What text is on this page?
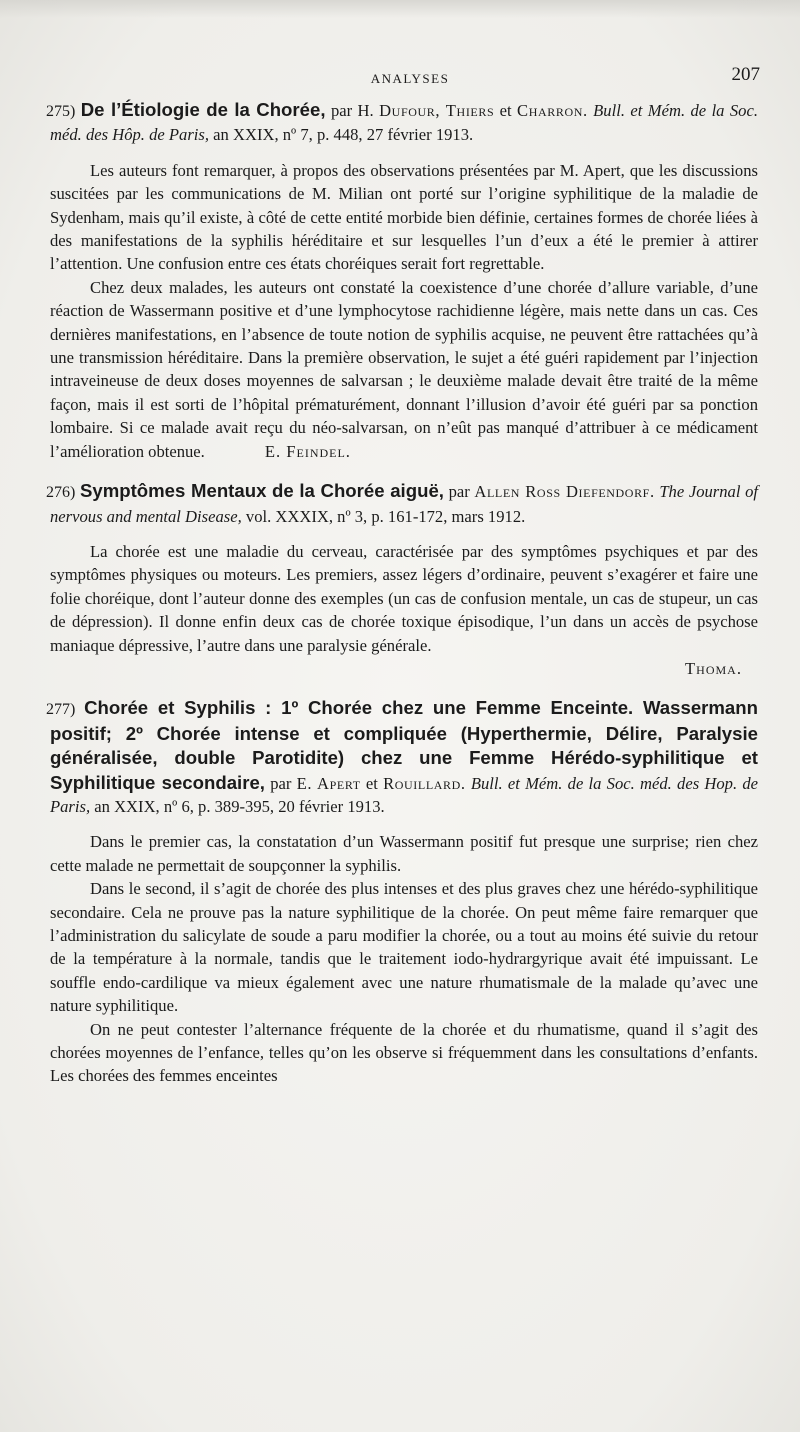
ANALYSES	207

275) De l’Étiologie de la Chorée, par H. Dufour, Thiers et Charron. Bull. et Mém. de la Soc. méd. des Hôp. de Paris, an XXIX, nº 7, p. 448, 27 février 1913.

Les auteurs font remarquer, à propos des observations présentées par M. Apert, que les discussions suscitées par les communications de M. Milian ont porté sur l’origine syphilitique de la maladie de Sydenham, mais qu’il existe, à côté de cette entité morbide bien définie, certaines formes de chorée liées à des manifestations de la syphilis héréditaire et sur lesquelles l’un d’eux a été le premier à attirer l’attention. Une confusion entre ces états choréiques serait fort regrettable.

Chez deux malades, les auteurs ont constaté la coexistence d’une chorée d’allure variable, d’une réaction de Wassermann positive et d’une lymphocytose rachidienne légère, mais nette dans un cas. Ces dernières manifestations, en l’absence de toute notion de syphilis acquise, ne peuvent être rattachées qu’à une transmission héréditaire. Dans la première observation, le sujet a été guéri rapidement par l’injection intraveineuse de deux doses moyennes de salvarsan ; le deuxième malade devait être traité de la même façon, mais il est sorti de l’hôpital prématurément, donnant l’illusion d’avoir été guéri par sa ponction lombaire. Si ce malade avait reçu du néo-salvarsan, on n’eût pas manqué d’attribuer à ce médicament l’amélioration obtenue.	E. Feindel.

276) Symptômes Mentaux de la Chorée aiguë, par Allen Ross Diefendorf. The Journal of nervous and mental Disease, vol. XXXIX, nº 3, p. 161-172, mars 1912.

La chorée est une maladie du cerveau, caractérisée par des symptômes psychiques et par des symptômes physiques ou moteurs. Les premiers, assez légers d’ordinaire, peuvent s’exagérer et faire une folie choréique, dont l’auteur donne des exemples (un cas de confusion mentale, un cas de stupeur, un cas de dépression). Il donne enfin deux cas de chorée toxique épisodique, l’un dans un accès de psychose maniaque dépressive, l’autre dans une paralysie générale.

Thoma.

277) Chorée et Syphilis : 1º Chorée chez une Femme Enceinte. Wassermann positif; 2º Chorée intense et compliquée (Hyperthermie, Délire, Paralysie généralisée, double Parotidite) chez une Femme Hérédo-syphilitique et Syphilitique secondaire, par E. Apert et Rouillard. Bull. et Mém. de la Soc. méd. des Hop. de Paris, an XXIX, nº 6, p. 389-395, 20 février 1913.

Dans le premier cas, la constatation d’un Wassermann positif fut presque une surprise; rien chez cette malade ne permettait de soupçonner la syphilis.

Dans le second, il s’agit de chorée des plus intenses et des plus graves chez une hérédo-syphilitique secondaire. Cela ne prouve pas la nature syphilitique de la chorée. On peut même faire remarquer que l’administration du salicylate de soude a paru modifier la chorée, ou a tout au moins été suivie du retour de la température à la normale, tandis que le traitement iodo-hydrargyrique avait été impuissant. Le souffle endo-cardilique va mieux également avec une nature rhumatismale de la malade qu’avec une nature syphilitique.

On ne peut contester l’alternance fréquente de la chorée et du rhumatisme, quand il s’agit des chorées moyennes de l’enfance, telles qu’on les observe si fréquemment dans les consultations d’enfants. Les chorées des femmes enceintes
